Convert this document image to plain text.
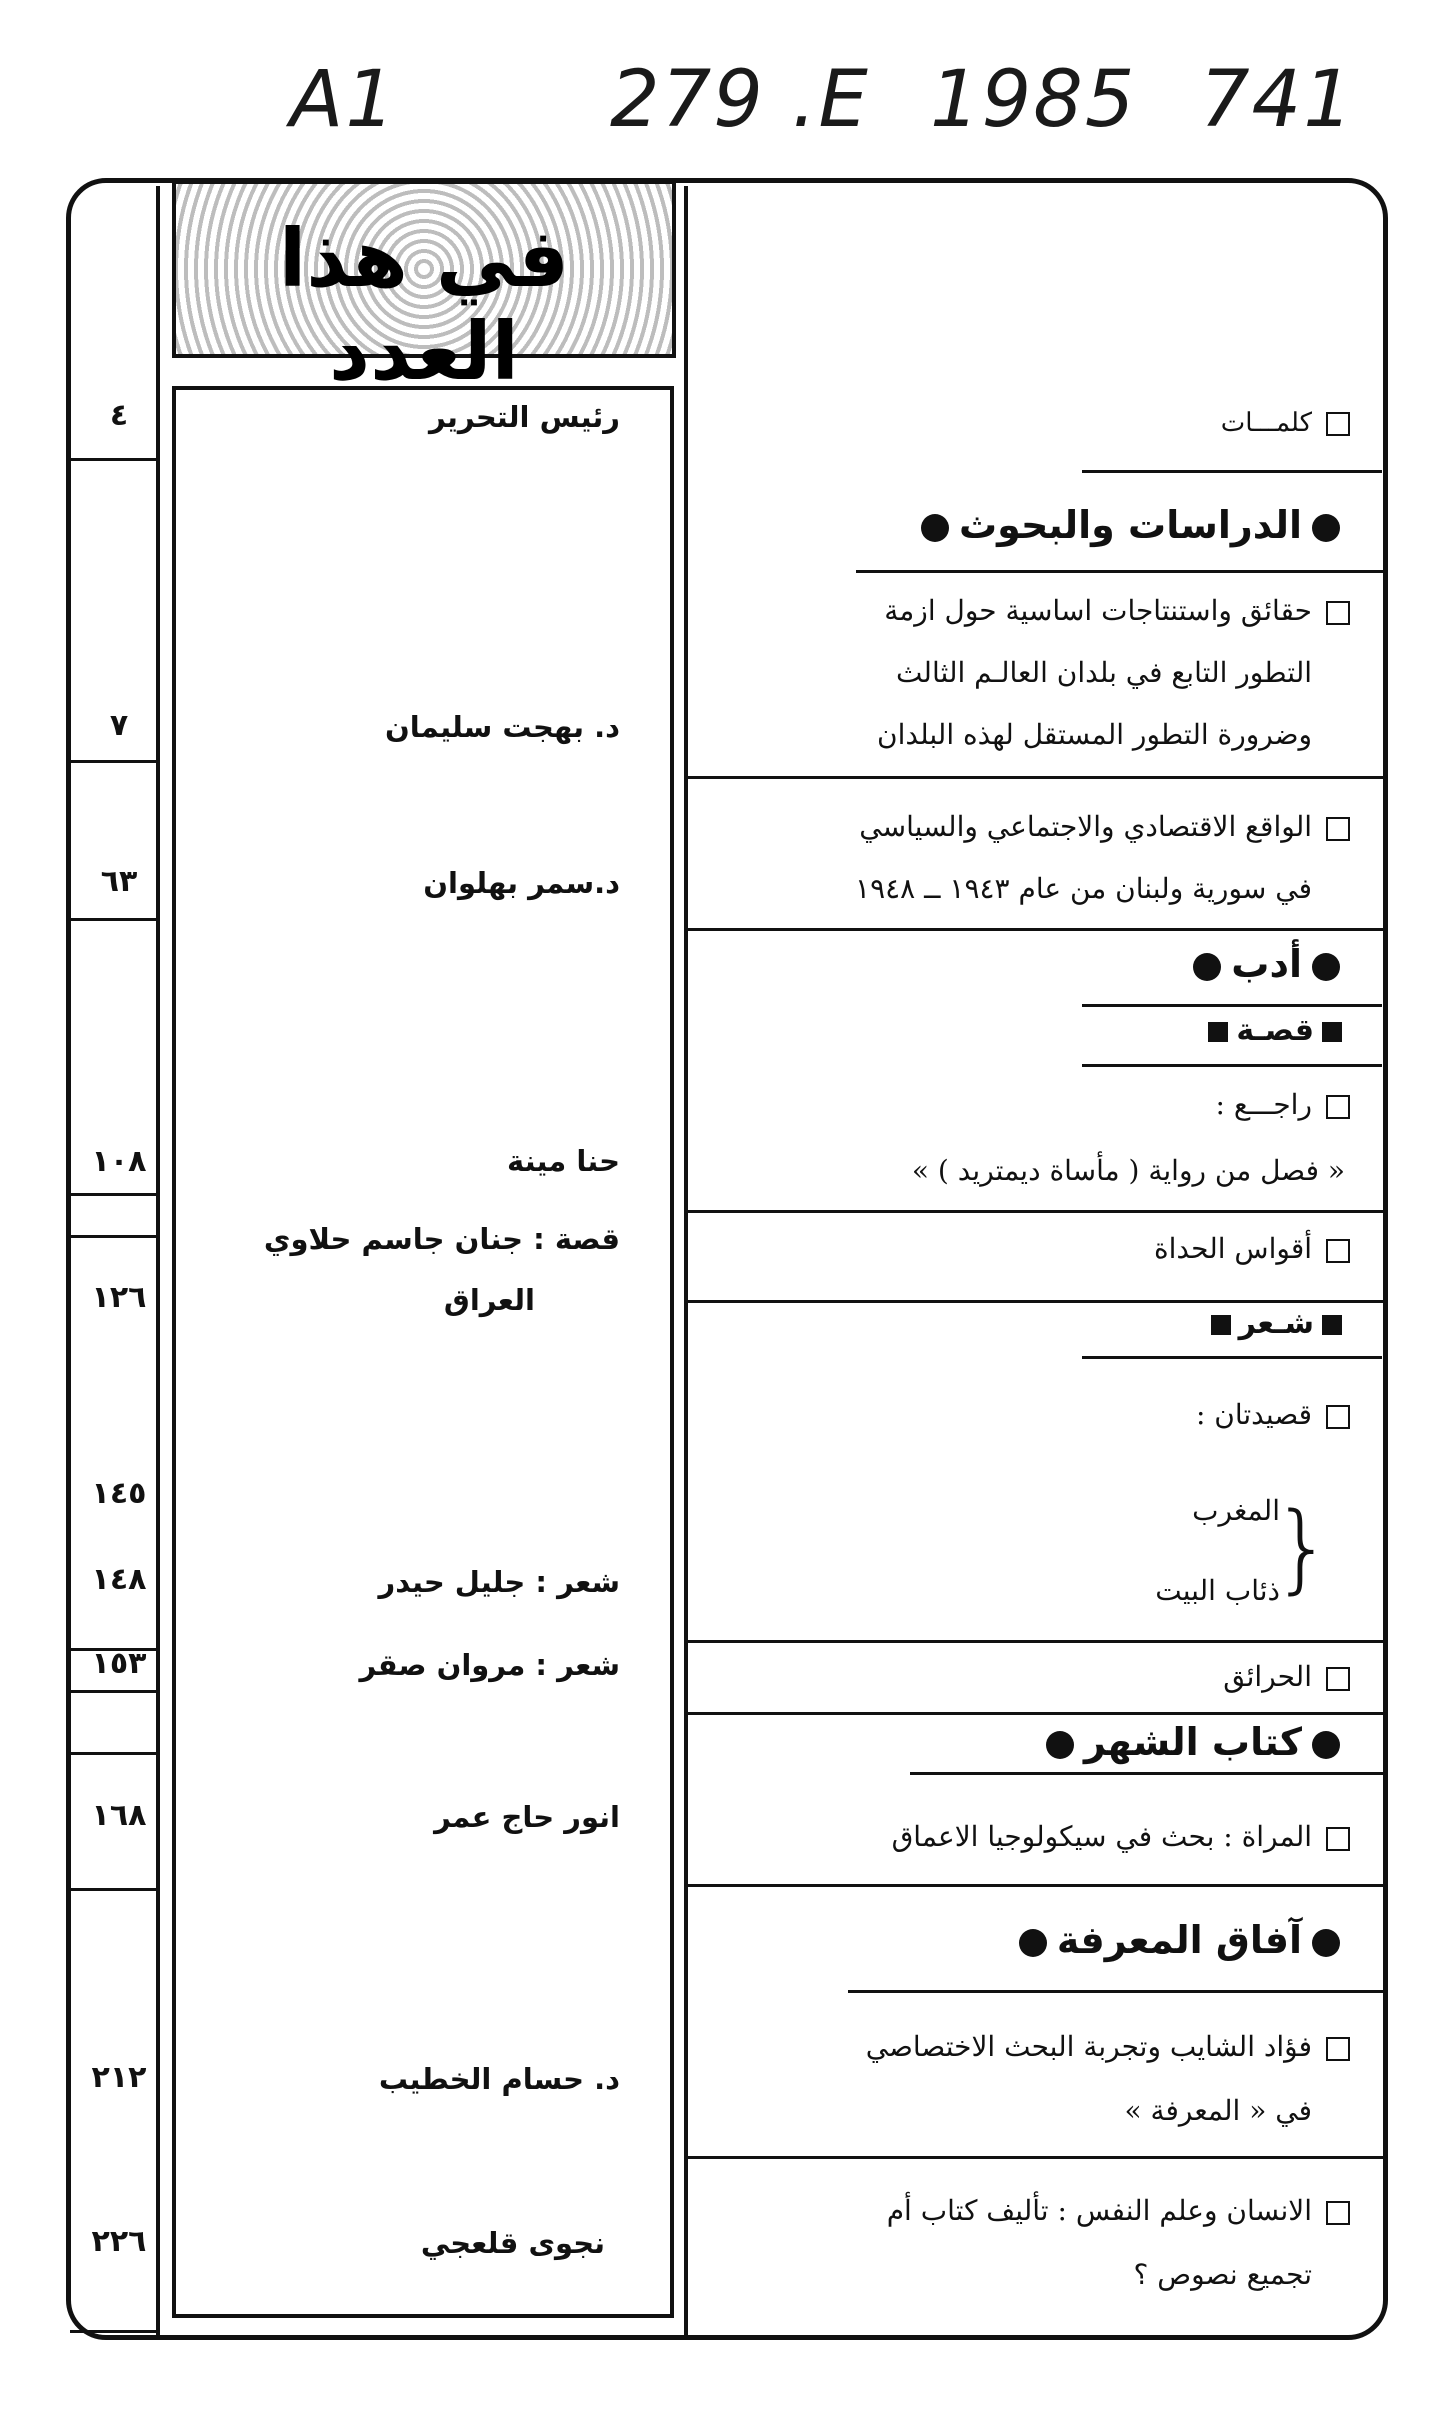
A1	279 .E 1985 741
في هذا العدد
٤
٧
٦٣
١٠٨
١٢٦
١٤٥
١٤٨
١٥٣
١٦٨
٢١٢
٢٢٦
رئيس التحرير
د. بهجت سليمان
د.سمر بهلوان
حنا مينة
قصة : جنان جاسم حلاوي
العراق
شعر : جليل حيدر
شعر : مروان صقر
انور حاج عمر
د. حسام الخطيب
نجوى قلعجي
كلمـــات
الدراسات والبحوث
حقائق واستنتاجات اساسية حول ازمة
التطور التابع في بلدان العالـم الثالث
وضرورة التطور المستقل لهذه البلدان
الواقع الاقتصادي والاجتماعي والسياسي
في سورية ولبنان من عام ١٩٤٣ ــ ١٩٤٨
أدب
قصـة
راجـــع :
« فصل من رواية ( مأساة ديمتريد ) »
أقواس الحداة
شـعر
قصيدتان :
}
المغرب
ذئاب البيت
الحرائق
كتاب الشهر
المراة : بحث في سيكولوجيا الاعماق
آفاق المعرفة
فؤاد الشايب وتجربة البحث الاختصاصي
في « المعرفة »
الانسان وعلم النفس : تأليف كتاب أم
تجميع نصوص ؟
